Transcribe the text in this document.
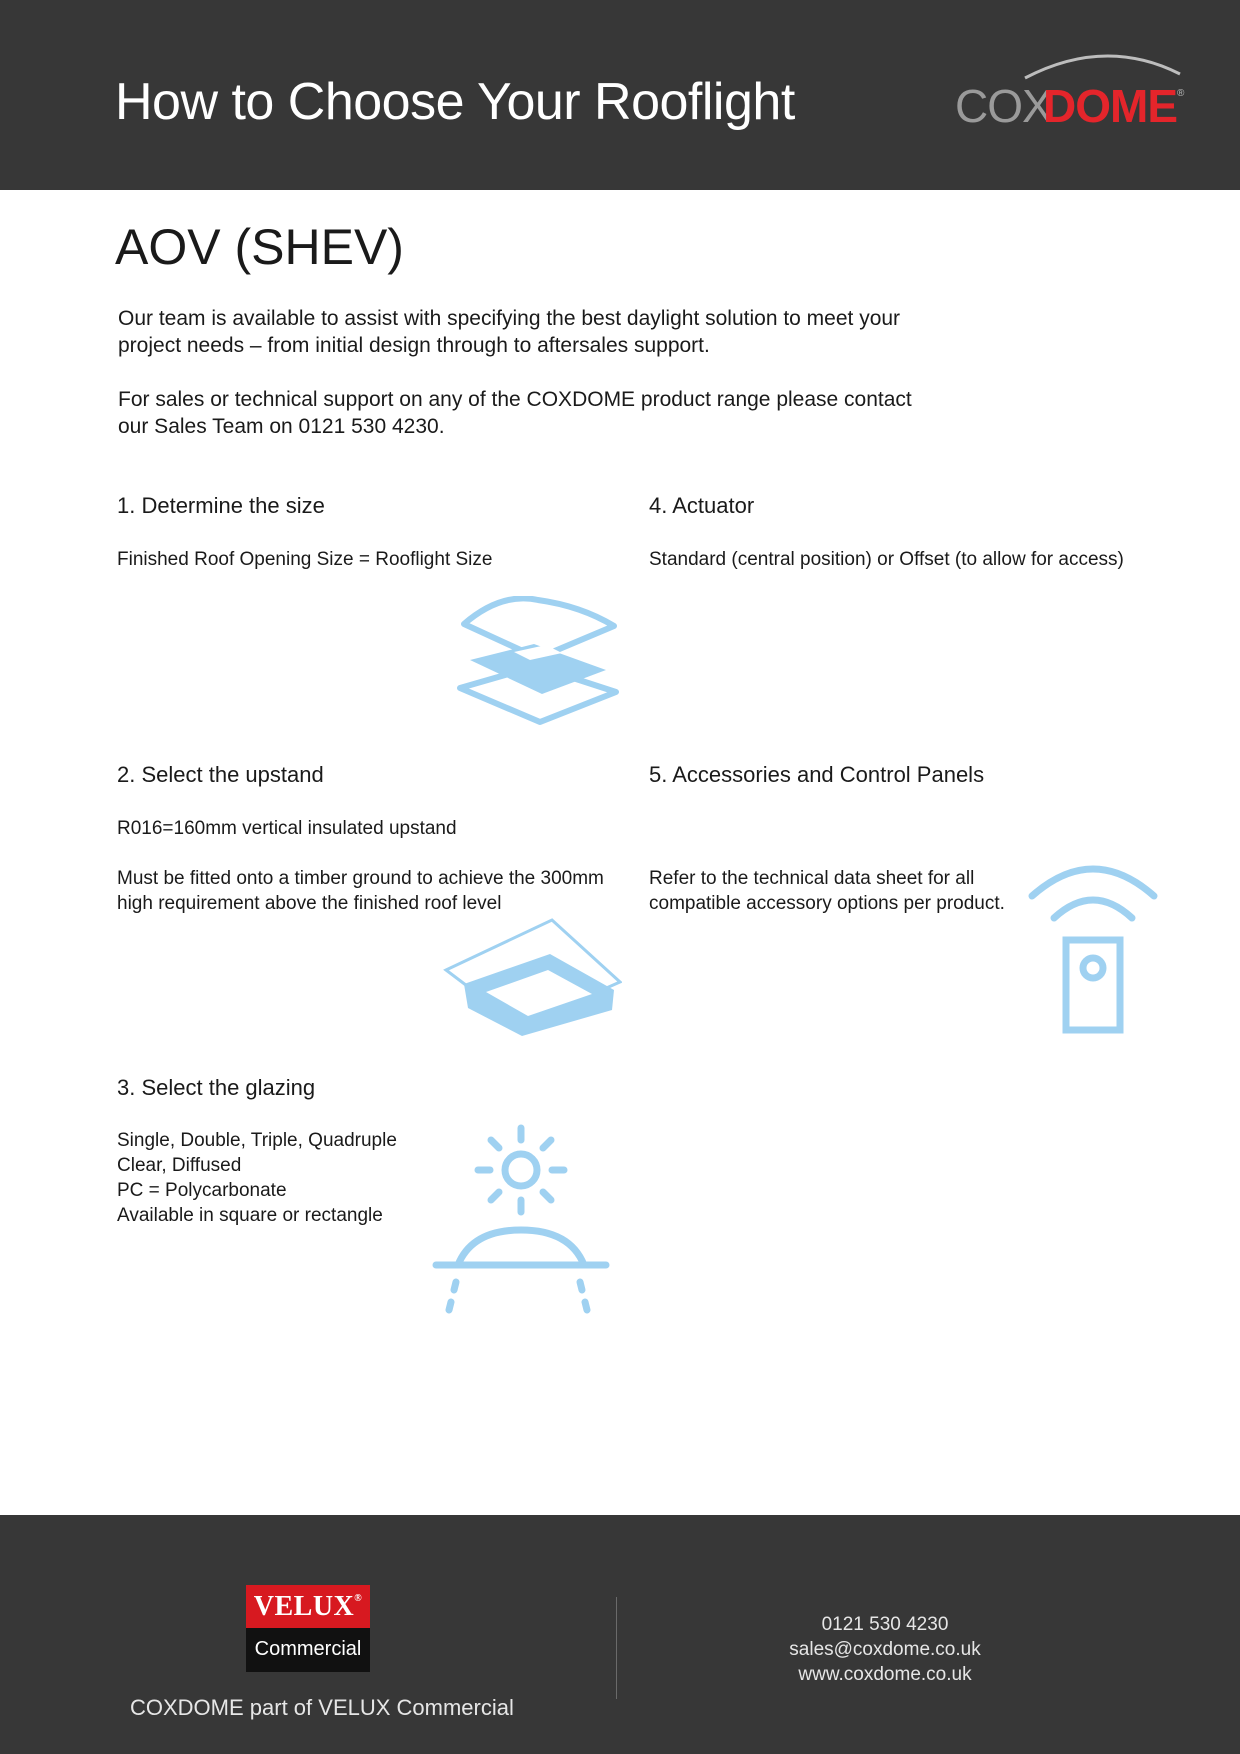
How to Choose Your Rooflight	COX
DOME ®
AOV (SHEV)

Our team is available to assist with specifying the best daylight solution to meet your project needs – from initial design through to aftersales support.

For sales or technical support on any of the COXDOME product range please contact our Sales Team on 0121 530 4230.

1. Determine the size

Finished Roof Opening Size = Rooflight Size

2. Select the upstand

R016=160mm vertical insulated upstand

Must be fitted onto a timber ground to achieve the 300mm high requirement above the finished roof level

3. Select the glazing

Single, Double, Triple, Quadruple
Clear, Diffused
PC = Polycarbonate
Available in square or rectangle

4. Actuator

Standard (central position) or Offset (to allow for access)

5. Accessories and Control Panels

Refer to the technical data sheet for all compatible accessory options per product.

VELUX®
Commercial

COXDOME part of VELUX Commercial

0121 530 4230
sales@coxdome.co.uk
www.coxdome.co.uk
